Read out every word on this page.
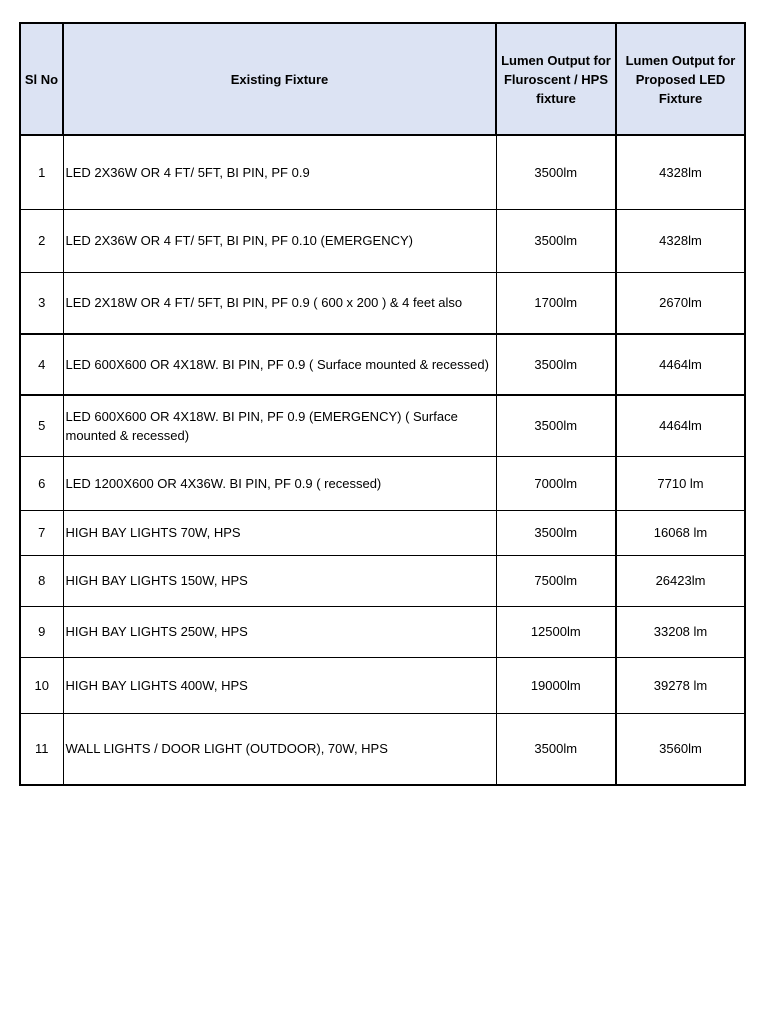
Sl No	Existing Fixture	Lumen Output for Fluroscent / HPS fixture	Lumen Output for Proposed LED Fixture
1	LED 2X36W OR 4 FT/ 5FT, BI PIN, PF 0.9	3500lm	4328lm
2	LED 2X36W OR 4 FT/ 5FT, BI PIN, PF 0.10 (EMERGENCY)	3500lm	4328lm
3	LED 2X18W OR 4 FT/ 5FT, BI PIN, PF 0.9 ( 600 x 200 ) & 4 feet also	1700lm	2670lm
4	LED 600X600 OR 4X18W. BI PIN, PF 0.9 ( Surface mounted & recessed)	3500lm	4464lm
5	LED 600X600 OR 4X18W. BI PIN, PF 0.9 (EMERGENCY) ( Surface mounted & recessed)	3500lm	4464lm
6	LED 1200X600 OR 4X36W. BI PIN, PF 0.9 ( recessed)	7000lm	7710 lm
7	HIGH BAY LIGHTS 70W, HPS	3500lm	16068 lm
8	HIGH BAY LIGHTS 150W, HPS	7500lm	26423lm
9	HIGH BAY LIGHTS 250W, HPS	12500lm	33208 lm
10	HIGH BAY LIGHTS 400W, HPS	19000lm	39278 lm
11	WALL LIGHTS / DOOR LIGHT (OUTDOOR), 70W, HPS	3500lm	3560lm
